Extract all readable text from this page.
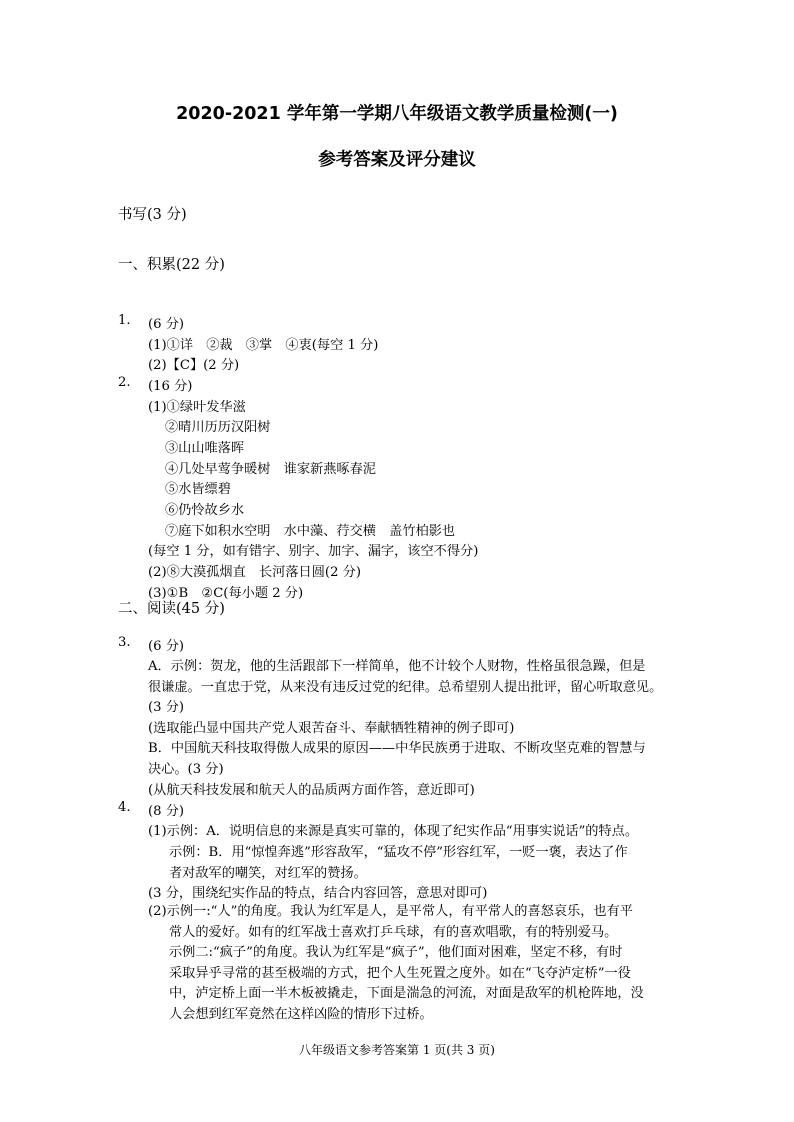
2020-2021 学年第一学期八年级语文教学质量检测(一)
参考答案及评分建议
书写(3 分)
一、积累(22 分)
1. (6 分)
(1)①详　②裁　③掌　④衷(每空 1 分)
(2)【C】(2 分)
2. (16 分)
(1)①绿叶发华滋
②晴川历历汉阳树
③山山唯落晖
④几处早莺争暖树　谁家新燕啄春泥
⑤水皆缥碧
⑥仍怜故乡水
⑦庭下如积水空明　水中藻、荇交横　盖竹柏影也
(每空 1 分，如有错字、别字、加字、漏字，该空不得分)
(2)⑧大漠孤烟直　长河落日圆(2 分)
(3)①B　②C(每小题 2 分)
二、阅读(45 分)
3. (6 分)
A．示例：贺龙，他的生活跟部下一样简单，他不计较个人财物，性格虽很急躁，但是
很谦虚。一直忠于党，从来没有违反过党的纪律。总希望别人提出批评，留心听取意见。
(3 分)
(选取能凸显中国共产党人艰苦奋斗、奉献牺牲精神的例子即可)
B．中国航天科技取得傲人成果的原因——中华民族勇于进取、不断攻坚克难的智慧与
决心。(3 分)
(从航天科技发展和航天人的品质两方面作答，意近即可)
4. (8 分)
(1)示例：A．说明信息的来源是真实可靠的，体现了纪实作品“用事实说话”的特点。
示例：B．用“惊惶奔逃”形容敌军，“猛攻不停”形容红军，一贬一褒，表达了作
者对敌军的嘲笑，对红军的赞扬。
(3 分，围绕纪实作品的特点，结合内容回答，意思对即可)
(2)示例一:“人”的角度。我认为红军是人，是平常人，有平常人的喜怒哀乐，也有平
常人的爱好。如有的红军战士喜欢打乒乓球，有的喜欢唱歌，有的特别爱马。
示例二:“疯子”的角度。我认为红军是“疯子”，他们面对困难，坚定不移，有时
采取异乎寻常的甚至极端的方式，把个人生死置之度外。如在“飞夺泸定桥”一役
八年级语文参考答案第 1 页(共 3 页)
中，泸定桥上面一半木板被撬走，下面是湍急的河流，对面是敌军的机枪阵地，没
人会想到红军竟然在这样凶险的情形下过桥。
